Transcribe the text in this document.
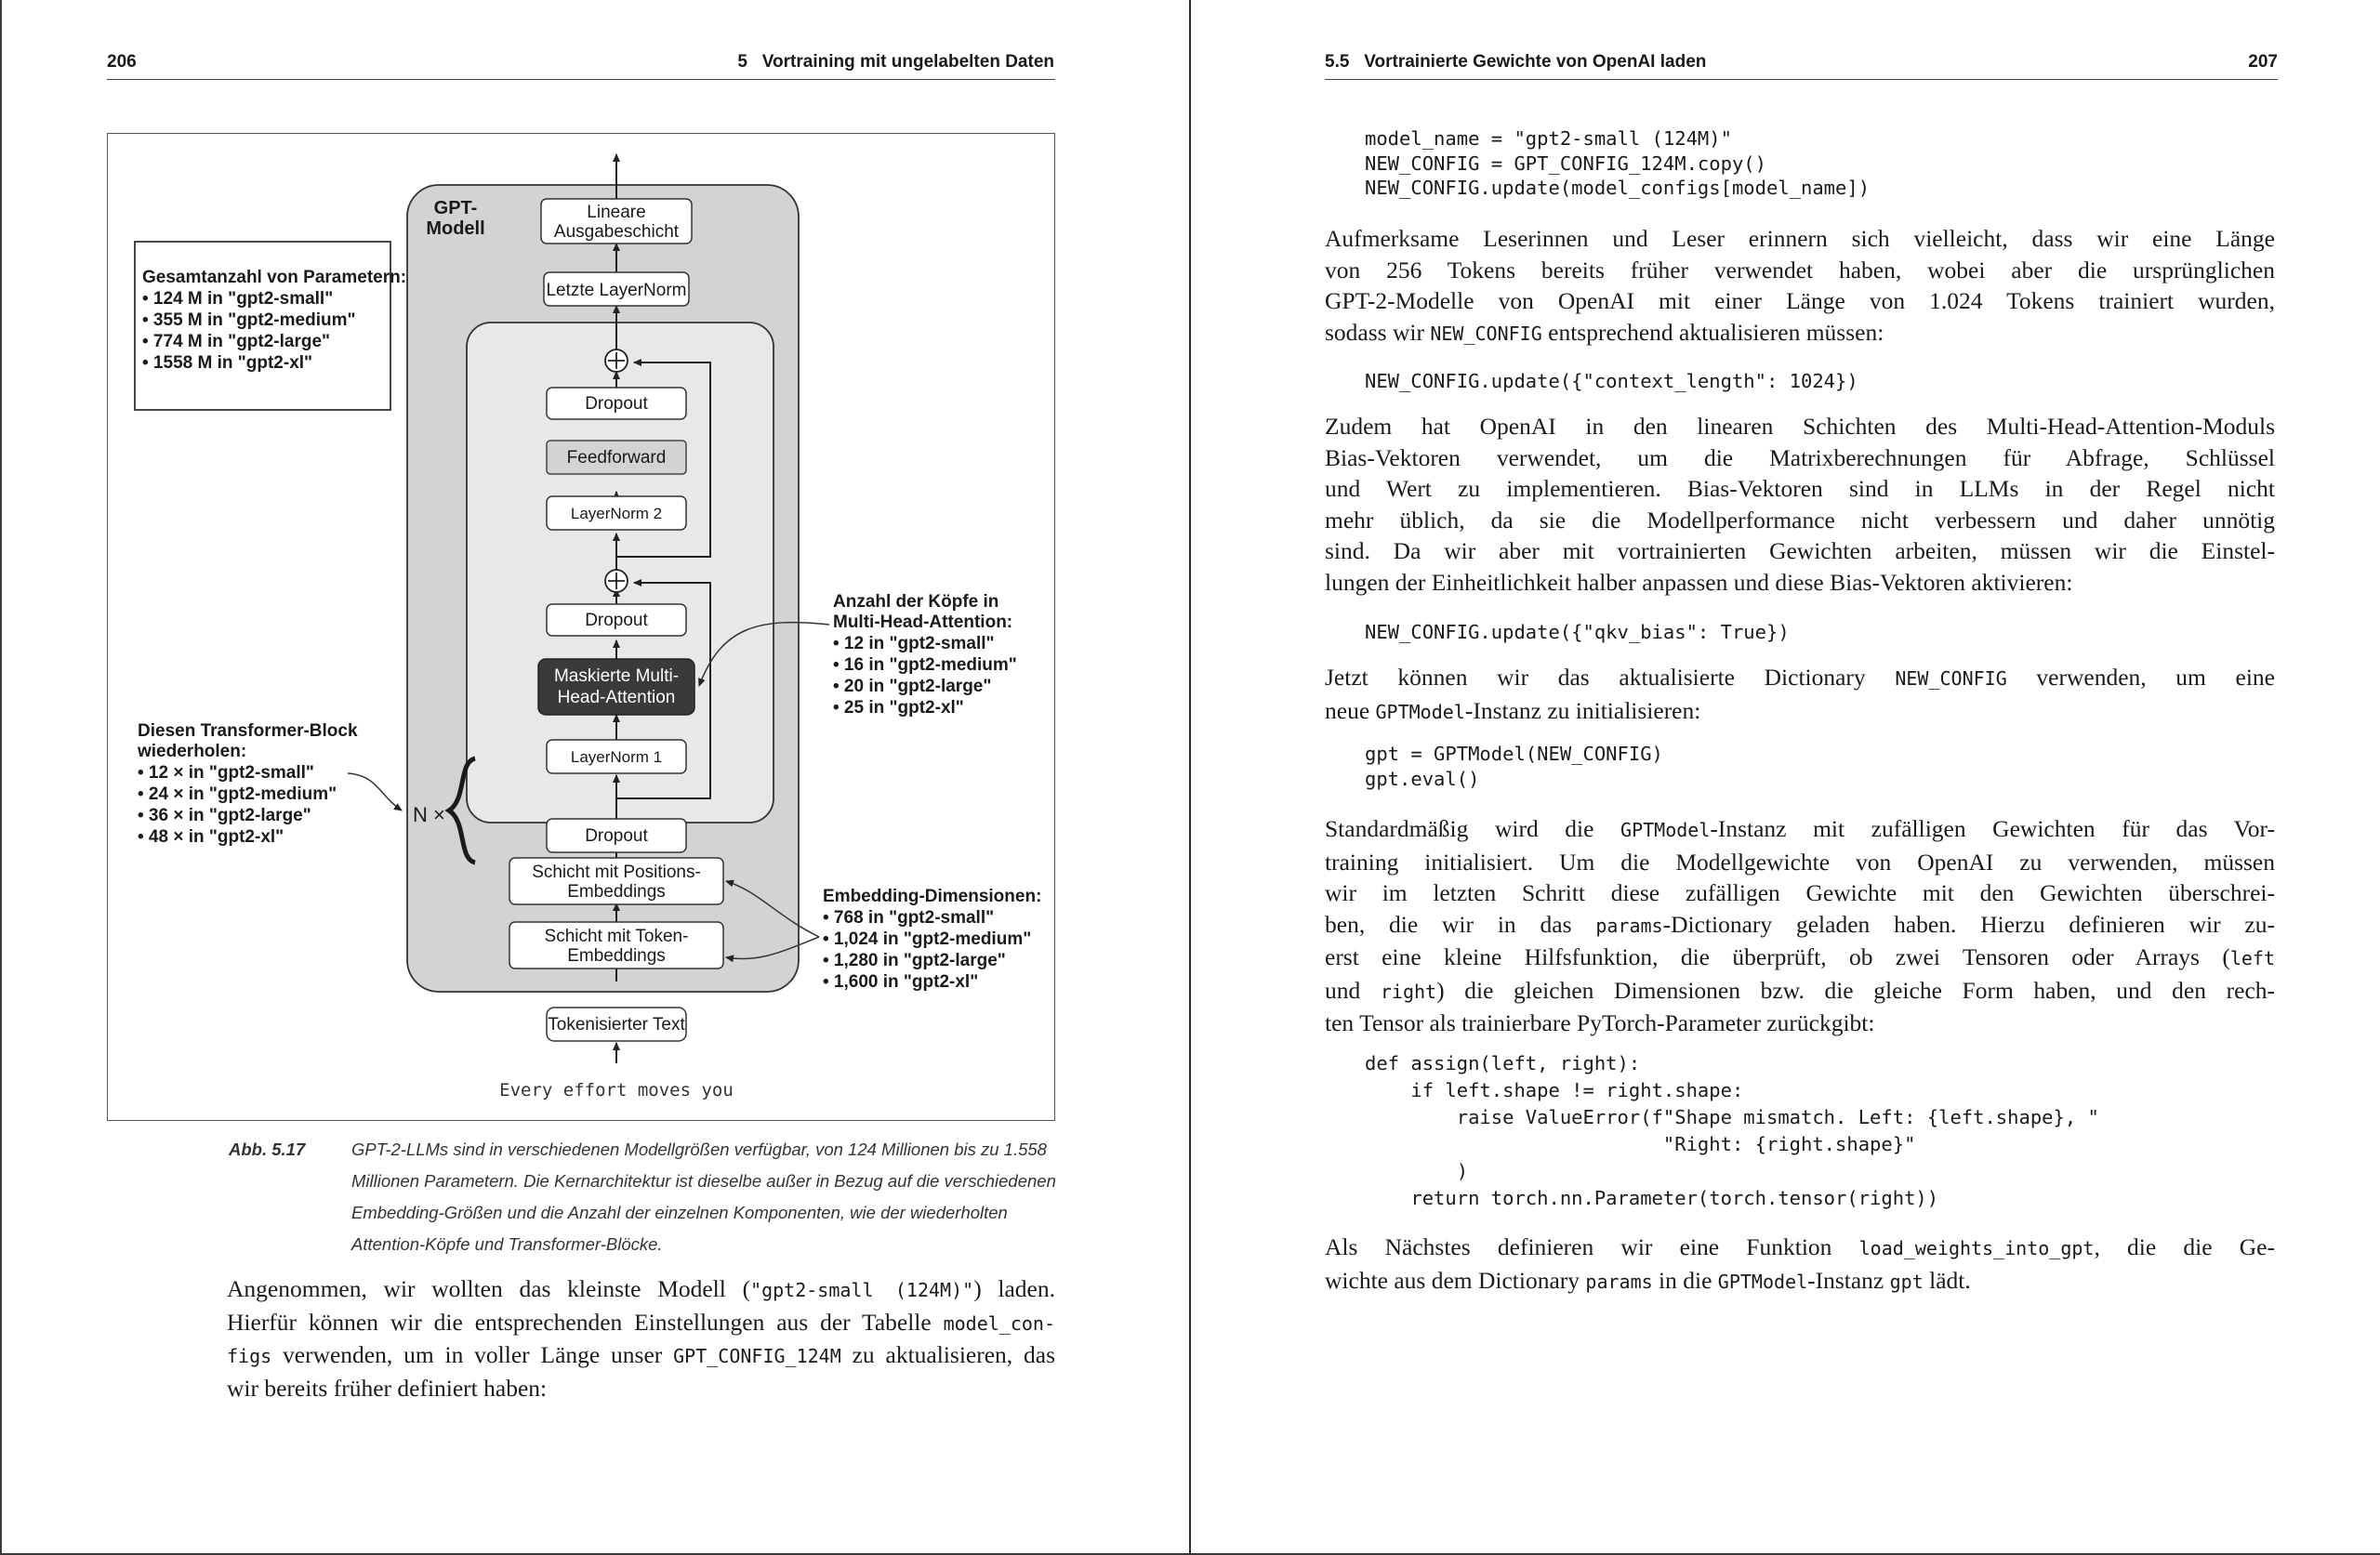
206	5   Vortraining mit ungelabelten Daten
Lineare
Ausgabeschicht
Letzte LayerNorm
Dropout
Feedforward
LayerNorm 2
Dropout
Maskierte Multi-
Head-Attention
LayerNorm 1
Dropout
Schicht mit Positions-
Embeddings
Schicht mit Token-
Embeddings
Tokenisierter Text
GPT-
Modell
Every effort moves you
N ×
Gesamtanzahl von Parametern:
• 124 M in "gpt2-small"
• 355 M in "gpt2-medium"
• 774 M in "gpt2-large"
• 1558 M in "gpt2-xl"
Anzahl der Köpfe in
Multi-Head-Attention:
• 12 in "gpt2-small"
• 16 in "gpt2-medium"
• 20 in "gpt2-large"
• 25 in "gpt2-xl"
Diesen Transformer-Block
wiederholen:
• 12 × in "gpt2-small"
• 24 × in "gpt2-medium"
• 36 × in "gpt2-large"
• 48 × in "gpt2-xl"
Embedding-Dimensionen:
• 768 in "gpt2-small"
• 1,024 in "gpt2-medium"
• 1,280 in "gpt2-large"
• 1,600 in "gpt2-xl"
Abb. 5.17	GPT-2-LLMs sind in verschiedenen Modellgrößen verfügbar, von 124 Millionen bis zu 1.558
Millionen Parametern. Die Kernarchitektur ist dieselbe außer in Bezug auf die verschiedenen
Embedding-Größen und die Anzahl der einzelnen Komponenten, wie der wiederholten
Attention-Köpfe und Transformer-Blöcke.
Angenommen, wir wollten das kleinste Modell ("gpt2-small (124M)") laden.
Hierfür können wir die entsprechenden Einstellungen aus der Tabelle model_con-
figs verwenden, um in voller Länge unser GPT_CONFIG_124M zu aktualisieren, das
wir bereits früher definiert haben:
5.5   Vortrainierte Gewichte von OpenAI laden	207
model_name = "gpt2-small (124M)"
NEW_CONFIG = GPT_CONFIG_124M.copy()
NEW_CONFIG.update(model_configs[model_name])
Aufmerksame Leserinnen und Leser erinnern sich vielleicht, dass wir eine Länge
von 256 Tokens bereits früher verwendet haben, wobei aber die ursprünglichen
GPT-2-Modelle von OpenAI mit einer Länge von 1.024 Tokens trainiert wurden,
sodass wir NEW_CONFIG entsprechend aktualisieren müssen:
NEW_CONFIG.update({"context_length": 1024})
Zudem hat OpenAI in den linearen Schichten des Multi-Head-Attention-Moduls
Bias-Vektoren verwendet, um die Matrixberechnungen für Abfrage, Schlüssel
und Wert zu implementieren. Bias-Vektoren sind in LLMs in der Regel nicht
mehr üblich, da sie die Modellperformance nicht verbessern und daher unnötig
sind. Da wir aber mit vortrainierten Gewichten arbeiten, müssen wir die Einstel-
lungen der Einheitlichkeit halber anpassen und diese Bias-Vektoren aktivieren:
NEW_CONFIG.update({"qkv_bias": True})
Jetzt können wir das aktualisierte Dictionary NEW_CONFIG verwenden, um eine
neue GPTModel-Instanz zu initialisieren:
gpt = GPTModel(NEW_CONFIG)
gpt.eval()
Standardmäßig wird die GPTModel-Instanz mit zufälligen Gewichten für das Vor-
training initialisiert. Um die Modellgewichte von OpenAI zu verwenden, müssen
wir im letzten Schritt diese zufälligen Gewichte mit den Gewichten überschrei-
ben, die wir in das params-Dictionary geladen haben. Hierzu definieren wir zu-
erst eine kleine Hilfsfunktion, die überprüft, ob zwei Tensoren oder Arrays (left
und right) die gleichen Dimensionen bzw. die gleiche Form haben, und den rech-
ten Tensor als trainierbare PyTorch-Parameter zurückgibt:
def assign(left, right):
if left.shape != right.shape:
raise ValueError(f"Shape mismatch. Left: {left.shape}, "
"Right: {right.shape}"
)
return torch.nn.Parameter(torch.tensor(right))
Als Nächstes definieren wir eine Funktion load_weights_into_gpt, die die Ge-
wichte aus dem Dictionary params in die GPTModel-Instanz gpt lädt.
